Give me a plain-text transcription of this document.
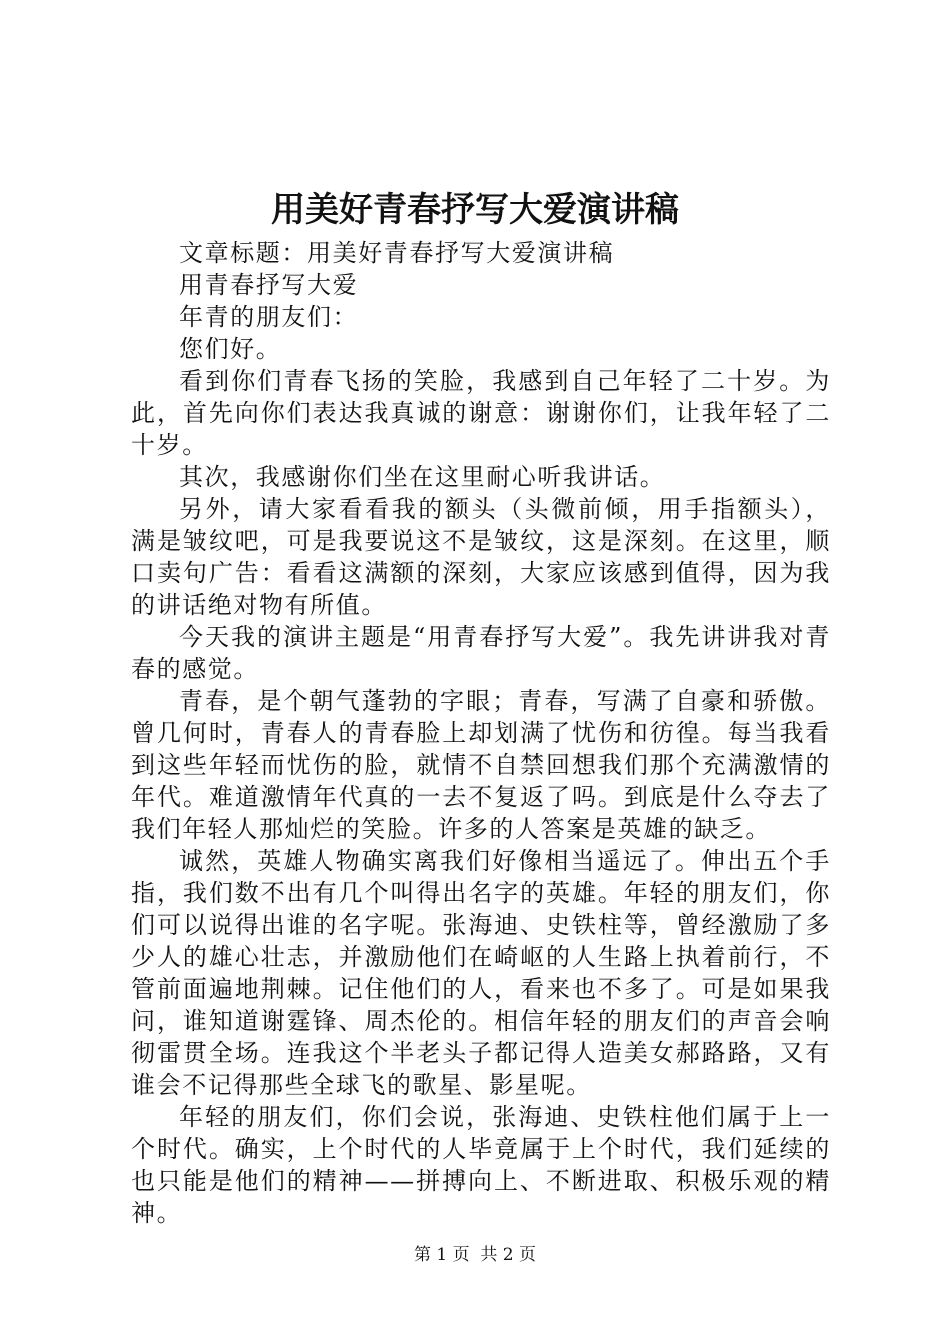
用美好青春抒写大爱演讲稿

文章标题：用美好青春抒写大爱演讲稿

用青春抒写大爱

年青的朋友们：

您们好。

看到你们青春飞扬的笑脸，我感到自己年轻了二十岁。为此，首先向你们表达我真诚的谢意：谢谢你们，让我年轻了二十岁。

其次，我感谢你们坐在这里耐心听我讲话。

另外，请大家看看我的额头（头微前倾，用手指额头），满是皱纹吧，可是我要说这不是皱纹，这是深刻。在这里，顺口卖句广告：看看这满额的深刻，大家应该感到值得，因为我的讲话绝对物有所值。

今天我的演讲主题是“用青春抒写大爱”。我先讲讲我对青春的感觉。

青春，是个朝气蓬勃的字眼；青春，写满了自豪和骄傲。曾几何时，青春人的青春脸上却划满了忧伤和彷徨。每当我看到这些年轻而忧伤的脸，就情不自禁回想我们那个充满激情的年代。难道激情年代真的一去不复返了吗。到底是什么夺去了我们年轻人那灿烂的笑脸。许多的人答案是英雄的缺乏。

诚然，英雄人物确实离我们好像相当遥远了。伸出五个手指，我们数不出有几个叫得出名字的英雄。年轻的朋友们，你们可以说得出谁的名字呢。张海迪、史铁柱等，曾经激励了多少人的雄心壮志，并激励他们在崎岖的人生路上执着前行，不管前面遍地荆棘。记住他们的人，看来也不多了。可是如果我问，谁知道谢霆锋、周杰伦的。相信年轻的朋友们的声音会响彻雷贯全场。连我这个半老头子都记得人造美女郝路路，又有谁会不记得那些全球飞的歌星、影星呢。

年轻的朋友们，你们会说，张海迪、史铁柱他们属于上一个时代。确实，上个时代的人毕竟属于上个时代，我们延续的也只能是他们的精神——拼搏向上、不断进取、积极乐观的精神。

第 1 页 共 2 页
